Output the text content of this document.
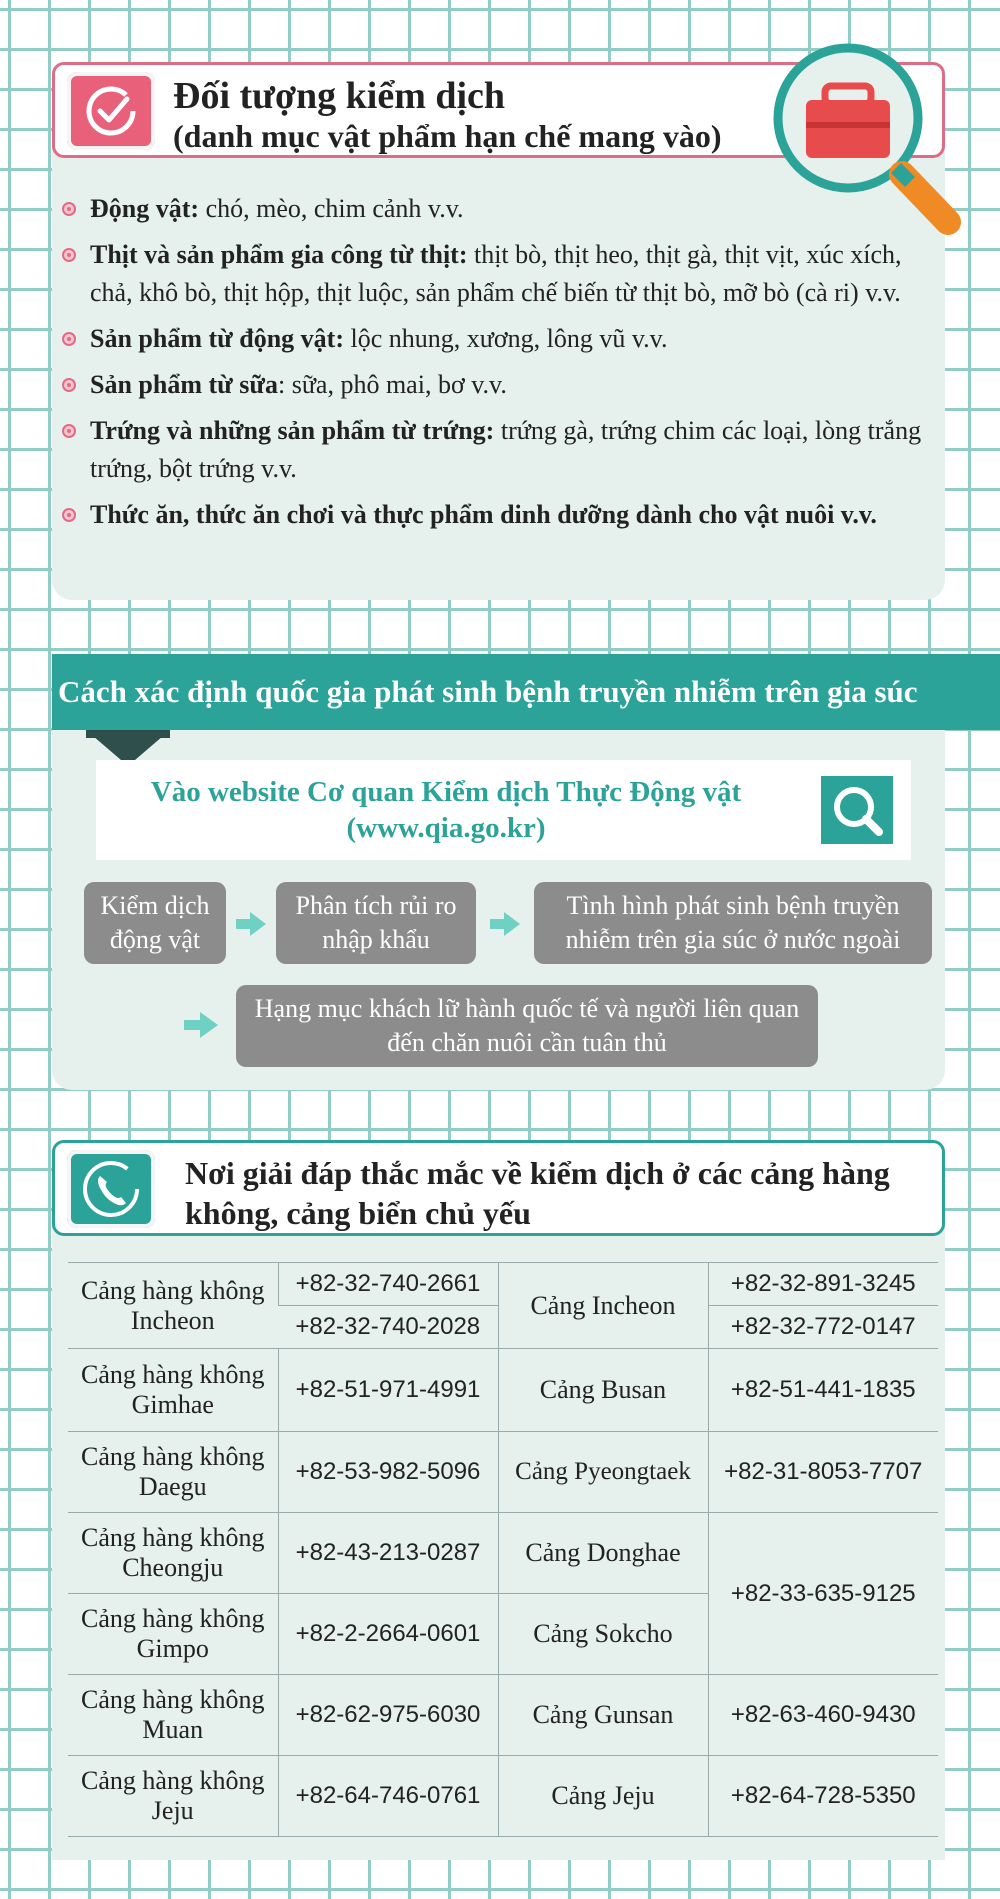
Đối tượng kiểm dịch
(danh mục vật phẩm hạn chế mang vào)
Động vật: chó, mèo, chim cảnh v.v.
Thịt và sản phẩm gia công từ thịt: thịt bò, thịt heo, thịt gà, thịt vịt, xúc xích, chả, khô bò, thịt hộp, thịt luộc, sản phẩm chế biến từ thịt bò, mỡ bò (cà ri) v.v.
Sản phẩm từ động vật: lộc nhung, xương, lông vũ v.v.
Sản phẩm từ sữa: sữa, phô mai, bơ v.v.
Trứng và những sản phẩm từ trứng: trứng gà, trứng chim các loại, lòng trắng trứng, bột trứng v.v.
Thức ăn, thức ăn chơi và thực phẩm dinh dưỡng dành cho vật nuôi v.v.
Cách xác định quốc gia phát sinh bệnh truyền nhiễm trên gia súc
Vào website Cơ quan Kiểm dịch Thực Động vật
(www.qia.go.kr)
Kiểm dịch động vật
Phân tích rủi ro nhập khẩu
Tình hình phát sinh bệnh truyền nhiễm trên gia súc ở nước ngoài
Hạng mục khách lữ hành quốc tế và người liên quan đến chăn nuôi cần tuân thủ
Nơi giải đáp thắc mắc về kiểm dịch ở các cảng hàng
không, cảng biển chủ yếu
Cảng hàng không Incheon	+82-32-740-2661	Cảng Incheon	+82-32-891-3245
	+82-32-740-2028		+82-32-772-0147
Cảng hàng không Gimhae	+82-51-971-4991	Cảng Busan	+82-51-441-1835
Cảng hàng không Daegu	+82-53-982-5096	Cảng Pyeongtaek	+82-31-8053-7707
Cảng hàng không Cheongju	+82-43-213-0287	Cảng Donghae	+82-33-635-9125
Cảng hàng không Gimpo	+82-2-2664-0601	Cảng Sokcho	
Cảng hàng không Muan	+82-62-975-6030	Cảng Gunsan	+82-63-460-9430
Cảng hàng không Jeju	+82-64-746-0761	Cảng Jeju	+82-64-728-5350
